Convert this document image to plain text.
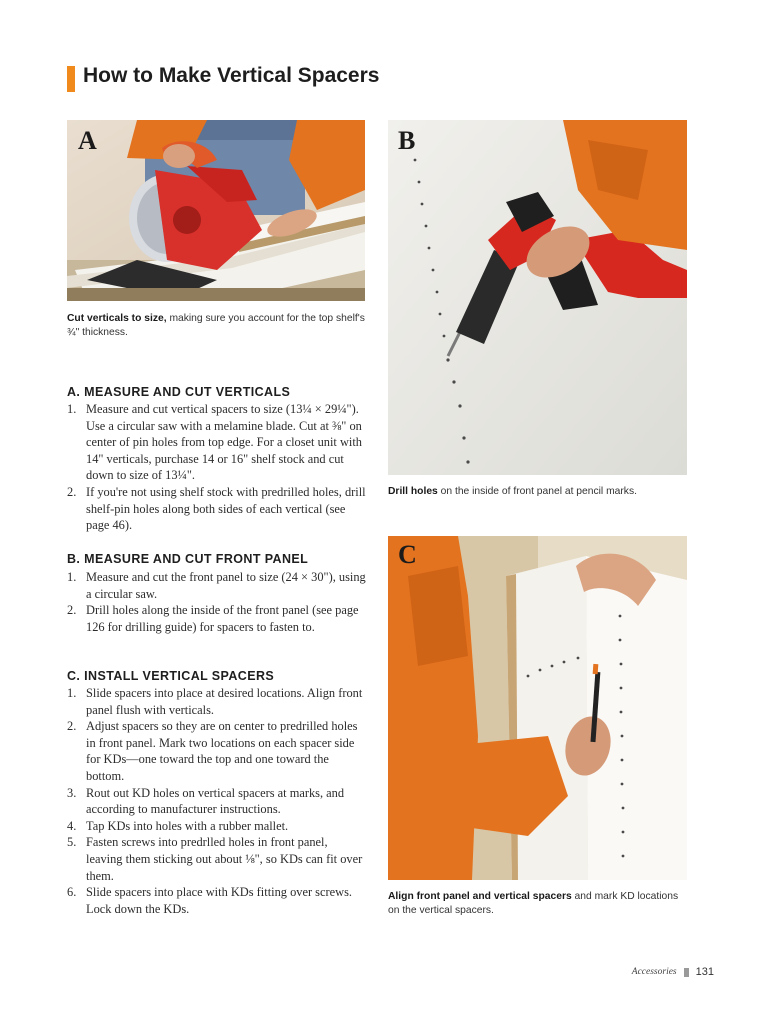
How to Make Vertical Spacers
A
Cut verticals to size, making sure you account for the top shelf's ¾" thickness.
B
Drill holes on the inside of front panel at pencil marks.
C
Align front panel and vertical spacers and mark KD locations on the vertical spacers.
A. MEASURE AND CUT VERTICALS
1. Measure and cut vertical spacers to size (13¼ × 29¼"). Use a circular saw with a melamine blade. Cut at ⅜" on center of pin holes from top edge. For a closet unit with 14" verticals, purchase 14 or 16" shelf stock and cut down to size of 13¼".
2. If you're not using shelf stock with predrilled holes, drill shelf-pin holes along both sides of each vertical (see page 46).
B. MEASURE AND CUT FRONT PANEL
1. Measure and cut the front panel to size (24 × 30"), using a circular saw.
2. Drill holes along the inside of the front panel (see page 126 for drilling guide) for spacers to fasten to.
C. INSTALL VERTICAL SPACERS
1. Slide spacers into place at desired locations. Align front panel flush with verticals.
2. Adjust spacers so they are on center to predrilled holes in front panel. Mark two locations on each spacer side for KDs—one toward the top and one toward the bottom.
3. Rout out KD holes on vertical spacers at marks, and according to manufacturer instructions.
4. Tap KDs into holes with a rubber mallet.
5. Fasten screws into predrlled holes in front panel, leaving them sticking out about ⅛", so KDs can fit over them.
6. Slide spacers into place with KDs fitting over screws. Lock down the KDs.
Accessories 131
